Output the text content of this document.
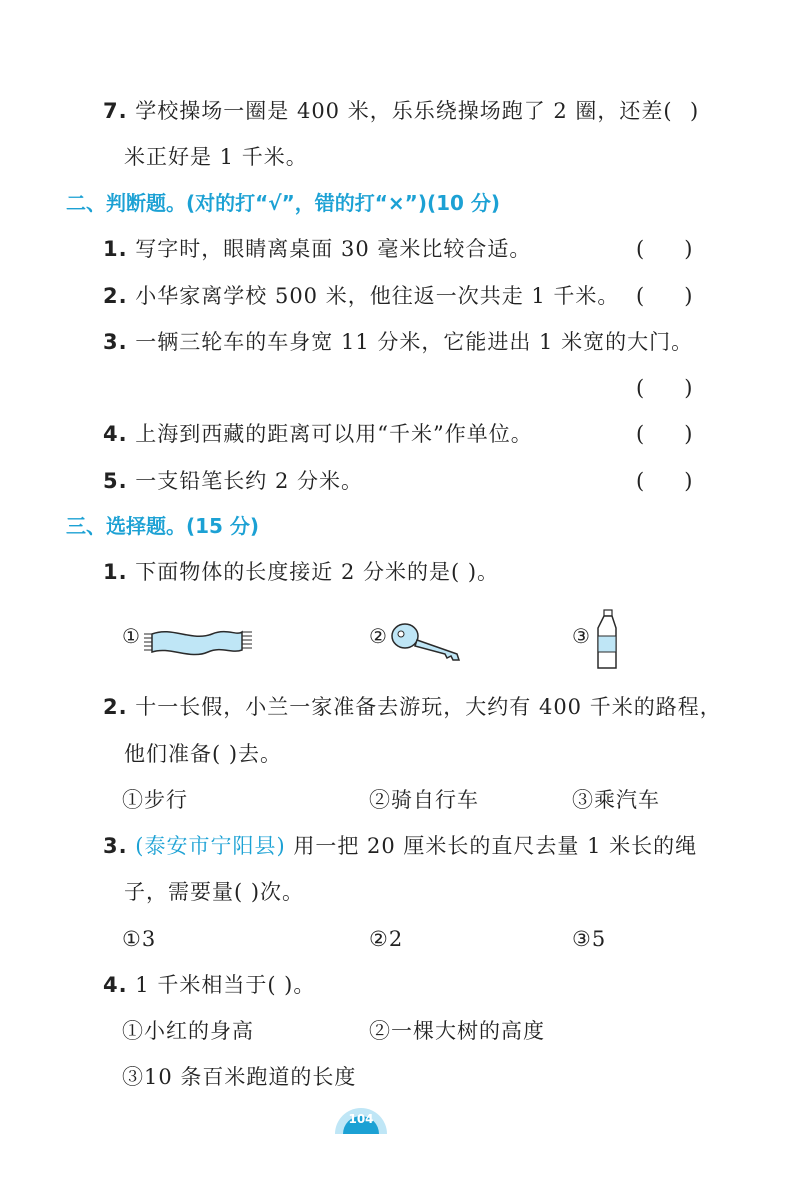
7. 学校操场一圈是 400 米，乐乐绕操场跑了 2 圈，还差( )
米正好是 1 千米。
二、判断题。(对的打“√”，错的打“×”)(10 分)
1. 写字时，眼睛离桌面 30 毫米比较合适。	(      )
2. 小华家离学校 500 米，他往返一次共走 1 千米。 (      )
3. 一辆三轮车的车身宽 11 分米，它能进出 1 米宽的大门。
(      )
4. 上海到西藏的距离可以用“千米”作单位。	(      )
5. 一支铅笔长约 2 分米。	(      )
三、选择题。(15 分)
1. 下面物体的长度接近 2 分米的是( )。
①	②	③
2. 十一长假，小兰一家准备去游玩，大约有 400 千米的路程，
他们准备( )去。
①步行	②骑自行车	③乘汽车
3. (泰安市宁阳县) 用一把 20 厘米长的直尺去量 1 米长的绳
子，需要量( )次。
①3	②2	③5
4. 1 千米相当于( )。
①小红的身高	②一棵大树的高度
③10 条百米跑道的长度
104
